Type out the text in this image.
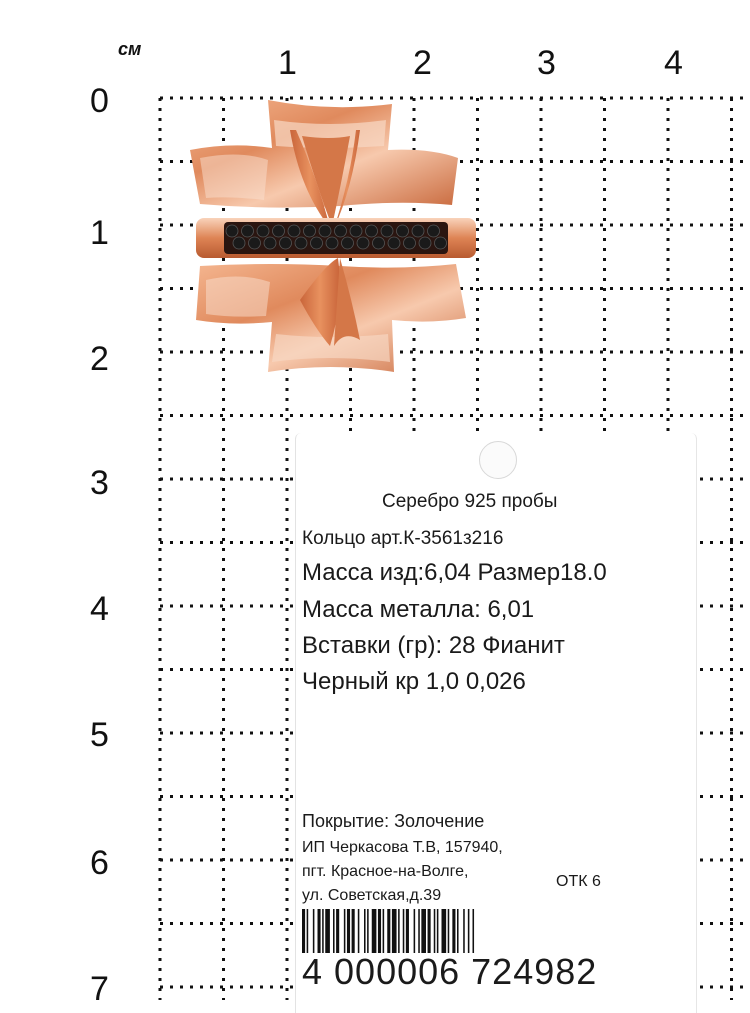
см	1	2	3	4
0
1
2
3
4
5
6
7
Серебро 925 пробы
Кольцо арт.К-3561з216
Масса изд:6,04 Размер18.0
Масса металла: 6,01
Вставки (гр): 28 Фианит
Черный кр 1,0 0,026
Покрытие: Золочение
ИП Черкасова Т.В, 157940,
пгт. Красное-на-Волге,
ул. Советская,д.39
ОТК 6
4 000006 724982
